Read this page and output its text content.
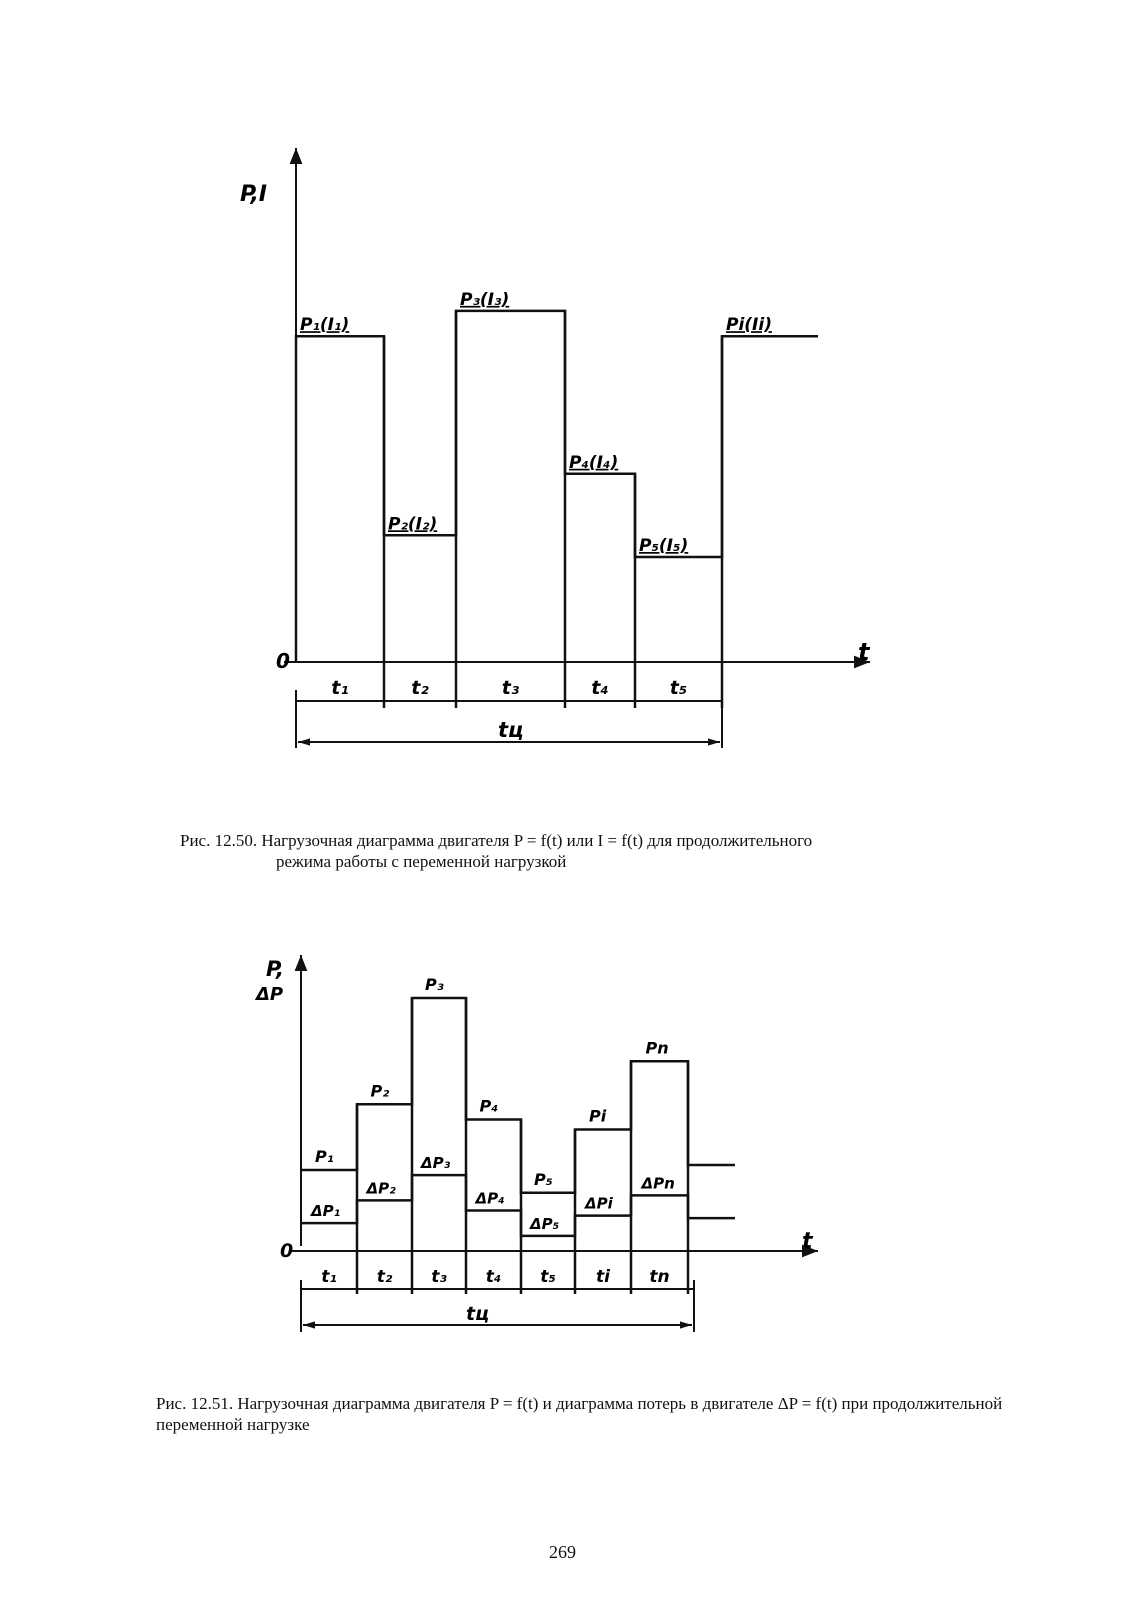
P,I
t
0
P₁(I₁)
P₂(I₂)
P₃(I₃)
P₄(I₄)
P₅(I₅)
Pi(Ii)
t₁	t₂	t₃	t₄	t₅
tц
P,
ΔP
t
0
P₁
P₂
P₃
P₄
P₅
Pi
Pn
ΔP₁
ΔP₂
ΔP₃
ΔP₄
ΔP₅
ΔPi
ΔPn
t₁ t₂ t₃ t₄ t₅ ti tn
tц
Рис. 12.50. Нагрузочная диаграмма двигателя P = f(t) или I = f(t) для продолжительного
режима работы с переменной нагрузкой
Рис. 12.51. Нагрузочная диаграмма двигателя P = f(t) и диаграмма потерь в двигателе ΔP = f(t) при продолжительной переменной нагрузке
269
